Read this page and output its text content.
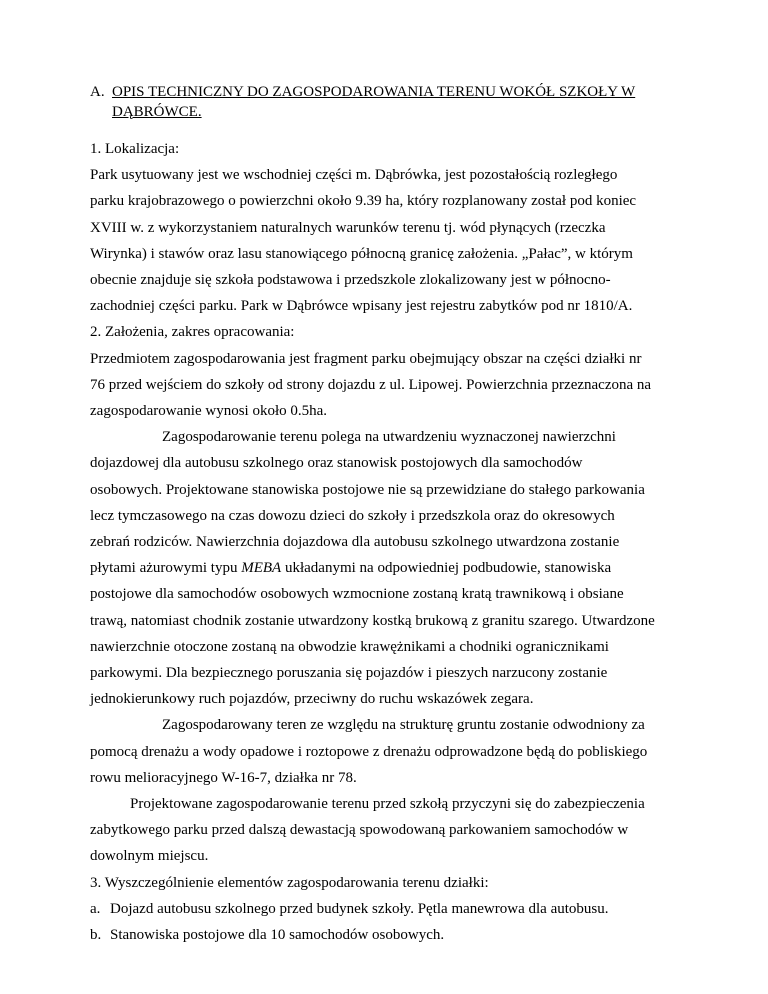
A. OPIS TECHNICZNY DO ZAGOSPODAROWANIA TERENU WOKÓŁ SZKOŁY W DĄBRÓWCE.
1. Lokalizacja:
Park usytuowany jest we wschodniej części m. Dąbrówka, jest pozostałością rozległego
parku krajobrazowego o powierzchni około 9.39 ha, który rozplanowany został pod koniec
XVIII w. z wykorzystaniem naturalnych warunków terenu tj. wód płynących (rzeczka
Wirynka) i stawów oraz lasu stanowiącego północną granicę założenia. „Pałac”, w którym
obecnie znajduje się szkoła podstawowa i przedszkole zlokalizowany jest w północno-
zachodniej części parku. Park w Dąbrówce wpisany jest rejestru zabytków pod nr 1810/A.
2. Założenia, zakres opracowania:
Przedmiotem zagospodarowania jest fragment parku obejmujący obszar na części działki nr
76 przed wejściem do szkoły od strony dojazdu z ul. Lipowej. Powierzchnia przeznaczona na
zagospodarowanie wynosi około 0.5ha.
Zagospodarowanie terenu polega na utwardzeniu wyznaczonej nawierzchni
dojazdowej dla autobusu szkolnego oraz stanowisk postojowych dla samochodów
osobowych. Projektowane stanowiska postojowe nie są przewidziane do stałego parkowania
lecz tymczasowego na czas dowozu dzieci do szkoły i przedszkola oraz do okresowych
zebrań rodziców. Nawierzchnia dojazdowa dla autobusu szkolnego utwardzona zostanie
płytami ażurowymi typu MEBA układanymi na odpowiedniej podbudowie, stanowiska
postojowe dla samochodów osobowych wzmocnione zostaną kratą trawnikową i obsiane
trawą, natomiast chodnik zostanie utwardzony kostką brukową z granitu szarego. Utwardzone
nawierzchnie otoczone zostaną na obwodzie krawężnikami a chodniki ogranicznikami
parkowymi. Dla bezpiecznego poruszania się pojazdów i pieszych narzucony zostanie
jednokierunkowy ruch pojazdów, przeciwny do ruchu wskazówek zegara.
Zagospodarowany teren ze względu na strukturę gruntu zostanie odwodniony za
pomocą drenażu a wody opadowe i roztopowe z drenażu odprowadzone będą do pobliskiego
rowu melioracyjnego W-16-7, działka nr 78.
Projektowane zagospodarowanie terenu przed szkołą przyczyni się do zabezpieczenia
zabytkowego parku przed dalszą dewastacją spowodowaną parkowaniem samochodów w
dowolnym miejscu.
3. Wyszczególnienie elementów zagospodarowania terenu działki:
a. Dojazd autobusu szkolnego przed budynek szkoły. Pętla manewrowa dla autobusu.
b. Stanowiska postojowe dla 10 samochodów osobowych.
